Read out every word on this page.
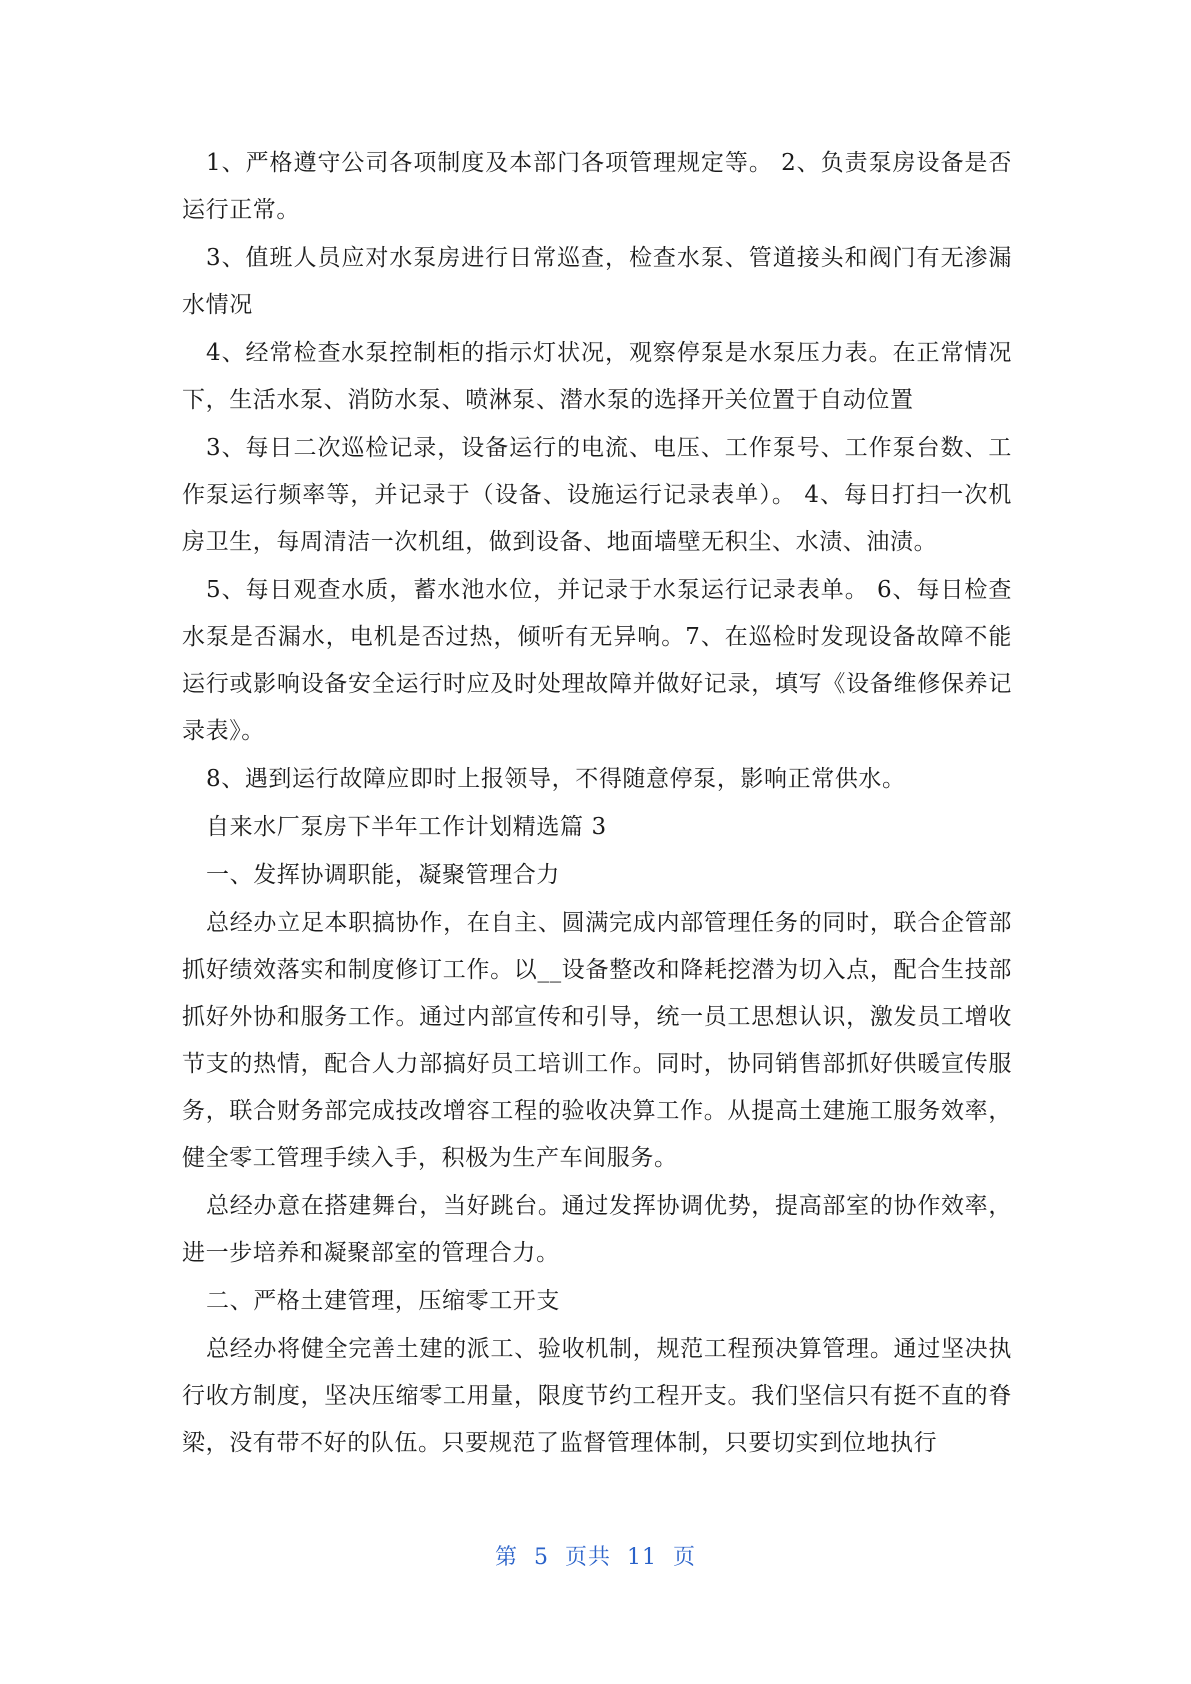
1、严格遵守公司各项制度及本部门各项管理规定等。 2、负责泵房设备是否运行正常。

3、值班人员应对水泵房进行日常巡查，检查水泵、管道接头和阀门有无渗漏水情况

4、经常检查水泵控制柜的指示灯状况，观察停泵是水泵压力表。在正常情况下，生活水泵、消防水泵、喷淋泵、潜水泵的选择开关位置于自动位置

3、每日二次巡检记录，设备运行的电流、电压、工作泵号、工作泵台数、工作泵运行频率等，并记录于（设备、设施运行记录表单）。 4、每日打扫一次机房卫生，每周清洁一次机组，做到设备、地面墙壁无积尘、水渍、油渍。

5、每日观查水质，蓄水池水位，并记录于水泵运行记录表单。 6、每日检查水泵是否漏水，电机是否过热，倾听有无异响。7、在巡检时发现设备故障不能运行或影响设备安全运行时应及时处理故障并做好记录，填写《设备维修保养记录表》。

8、遇到运行故障应即时上报领导，不得随意停泵，影响正常供水。

自来水厂泵房下半年工作计划精选篇 3

一、发挥协调职能，凝聚管理合力

总经办立足本职搞协作，在自主、圆满完成内部管理任务的同时，联合企管部抓好绩效落实和制度修订工作。以__设备整改和降耗挖潜为切入点，配合生技部抓好外协和服务工作。通过内部宣传和引导，统一员工思想认识，激发员工增收节支的热情，配合人力部搞好员工培训工作。同时，协同销售部抓好供暖宣传服务，联合财务部完成技改增容工程的验收决算工作。从提高土建施工服务效率，健全零工管理手续入手，积极为生产车间服务。

总经办意在搭建舞台，当好跳台。通过发挥协调优势，提高部室的协作效率，进一步培养和凝聚部室的管理合力。

二、严格土建管理，压缩零工开支

总经办将健全完善土建的派工、验收机制，规范工程预决算管理。通过坚决执行收方制度，坚决压缩零工用量，限度节约工程开支。我们坚信只有挺不直的脊梁，没有带不好的队伍。只要规范了监督管理体制，只要切实到位地执行

第 5 页共 11 页
